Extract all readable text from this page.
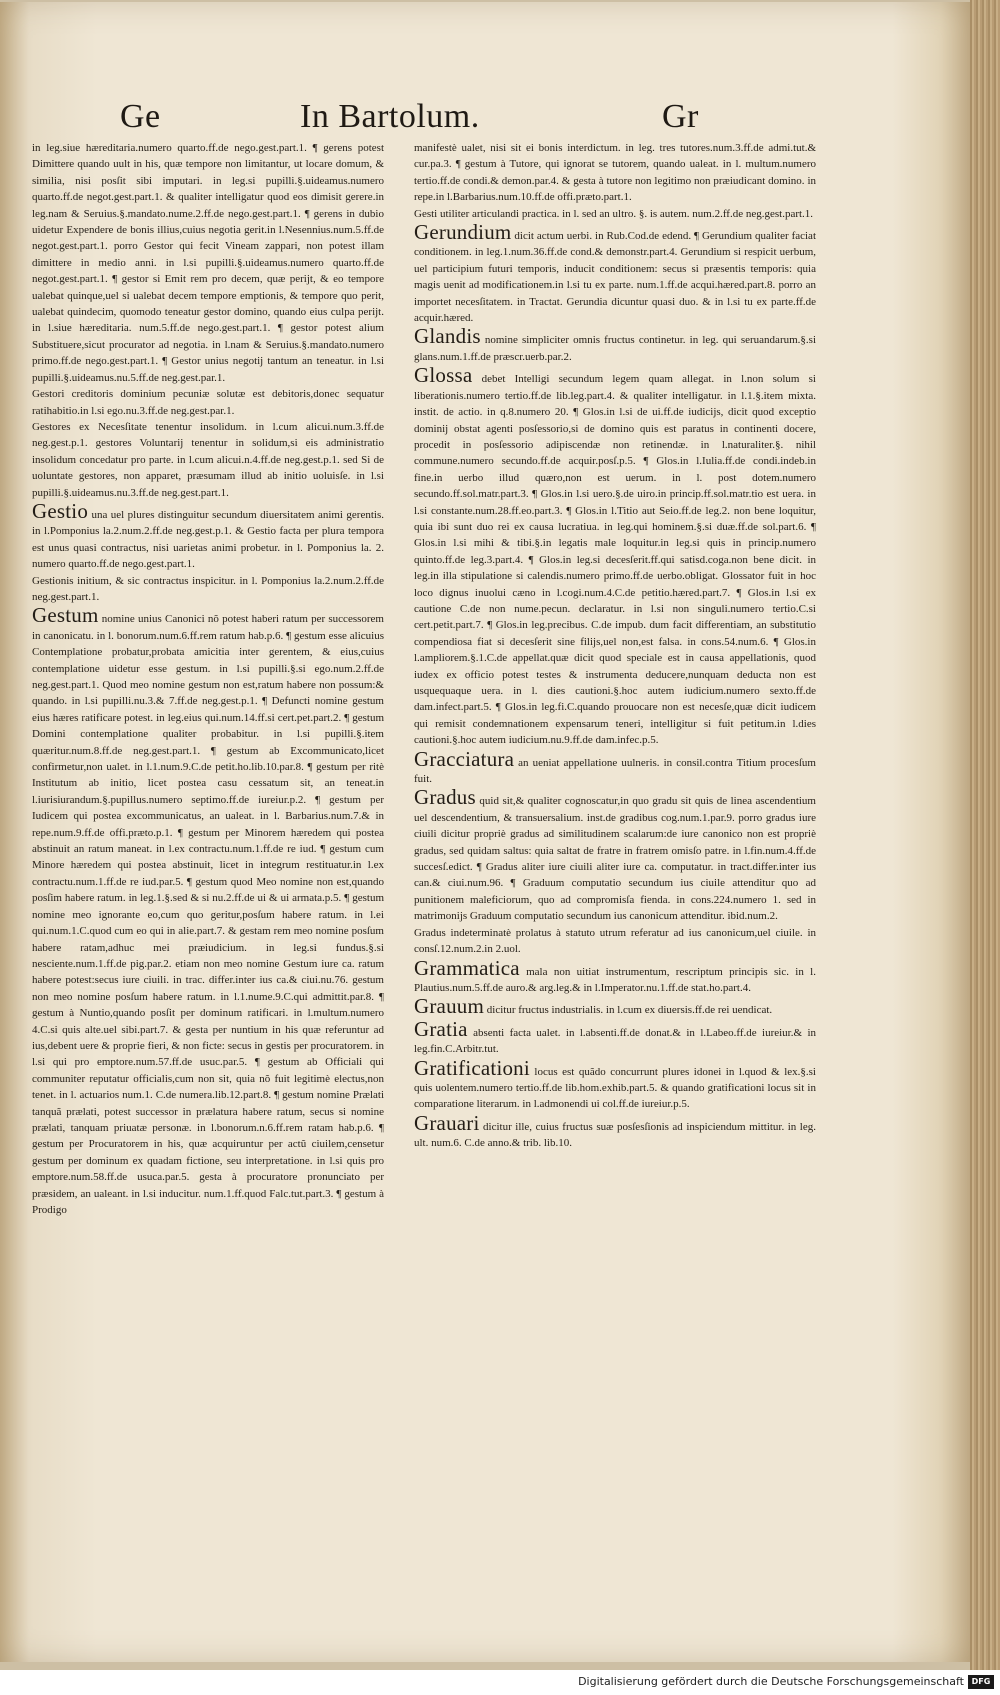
Ge	In Bartolum.	Gr

in leg.siue hæreditaria.numero quarto.ff.de nego.gest.part.1. ¶ gerens potest Dimittere quando uult in his, quæ tempore non limitantur, ut locare domum, & similia, nisi posſit sibi imputari. in leg.si pupilli.§.uideamus.numero quarto.ff.de negot.gest.part.1. & qualiter intelligatur quod eos dimisit gerere.in leg.nam & Seruius.§.mandato.nume.2.ff.de nego.gest.part.1. ¶ gerens in dubio uidetur Expendere de bonis illius,cuius negotia gerit.in l.Nesennius.num.5.ff.de negot.gest.part.1. porro Gestor qui fecit Vineam zappari, non potest illam dimittere in medio anni. in l.si pupilli.§.uideamus.numero quarto.ff.de negot.gest.part.1. ¶ gestor si Emit rem pro decem, quæ perijt, & eo tempore ualebat quinque,uel si ualebat decem tempore emptionis, & tempore quo perit, ualebat quindecim, quomodo teneatur gestor domino, quando eius culpa perijt. in l.siue hæreditaria. num.5.ff.de nego.gest.part.1. ¶ gestor potest alium Substituere,sicut procurator ad negotia. in l.nam & Seruius.§.mandato.numero primo.ff.de nego.gest.part.1. ¶ Gestor unius negotij tantum an teneatur. in l.si pupilli.§.uideamus.nu.5.ff.de neg.gest.par.1.

Gestori creditoris dominium pecuniæ solutæ est debitoris,donec sequatur ratihabitio.in l.si ego.nu.3.ff.de neg.gest.par.1.

Gestores ex Necesſitate tenentur insolidum. in l.cum alicui.num.3.ff.de neg.gest.p.1. gestores Voluntarij tenentur in solidum,si eis administratio insolidum concedatur pro parte. in l.cum alicui.n.4.ff.de neg.gest.p.1. sed Si de uoluntate gestores, non apparet, præsumam illud ab initio uoluisſe. in l.si pupilli.§.uideamus.nu.3.ff.de neg.gest.part.1.

Gestio una uel plures distinguitur secundum diuersitatem animi gerentis. in l.Pomponius la.2.num.2.ff.de neg.gest.p.1. & Gestio facta per plura tempora est unus quasi contractus, nisi uarietas animi probetur. in l. Pomponius la. 2. numero quarto.ff.de nego.gest.part.1.

Gestionis initium, & sic contractus inspicitur. in l. Pomponius la.2.num.2.ff.de neg.gest.part.1.

Gestum nomine unius Canonici nõ potest haberi ratum per successorem in canonicatu. in l. bonorum.num.6.ff.rem ratum hab.p.6. ¶ gestum esse alicuius Contemplatione probatur,probata amicitia inter gerentem, & eius,cuius contemplatione uidetur esse gestum. in l.si pupilli.§.si ego.num.2.ff.de neg.gest.part.1. Quod meo nomine gestum non est,ratum habere non possum:& quando. in l.si pupilli.nu.3.& 7.ff.de neg.gest.p.1. ¶ Defuncti nomine gestum eius hæres ratificare potest. in leg.eius qui.num.14.ff.si cert.pet.part.2. ¶ gestum Domini contemplatione qualiter probabitur. in l.si pupilli.§.item quæritur.num.8.ff.de neg.gest.part.1. ¶ gestum ab Excommunicato,licet confirmetur,non ualet. in l.1.num.9.C.de petit.ho.lib.10.par.8. ¶ gestum per ritè Institutum ab initio, licet postea casu cessatum sit, an teneat.in l.iurisiurandum.§.pupillus.numero septimo.ff.de iureiur.p.2. ¶ gestum per Iudicem qui postea excommunicatus, an ualeat. in l. Barbarius.num.7.& in repe.num.9.ff.de offi.præto.p.1. ¶ gestum per Minorem hæredem qui postea abstinuit an ratum maneat. in l.ex contractu.num.1.ff.de re iud. ¶ gestum cum Minore hæredem qui postea abstinuit, licet in integrum restituatur.in l.ex contractu.num.1.ff.de re iud.par.5. ¶ gestum quod Meo nomine non est,quando posſim habere ratum. in leg.1.§.sed & si nu.2.ff.de ui & ui armata.p.5. ¶ gestum nomine meo ignorante eo,cum quo geritur,posſum habere ratum. in l.ei qui.num.1.C.quod cum eo qui in alie.part.7. & gestam rem meo nomine posſum habere ratam,adhuc mei præiudicium. in leg.si fundus.§.si nesciente.num.1.ff.de pig.par.2. etiam non meo nomine Gestum iure ca. ratum habere potest:secus iure ciuili. in trac. differ.inter ius ca.& ciui.nu.76. gestum non meo nomine posſum habere ratum. in l.1.nume.9.C.qui admittit.par.8. ¶ gestum à Nuntio,quando posſit per dominum ratificari. in l.multum.numero 4.C.si quis alte.uel sibi.part.7. & gesta per nuntium in his quæ referuntur ad ius,debent uere & proprie fieri, & non ficte: secus in gestis per procuratorem. in l.si qui pro emptore.num.57.ff.de usuc.par.5. ¶ gestum ab Officiali qui communiter reputatur officialis,cum non sit, quia nõ fuit legitimè electus,non tenet. in l. actuarios num.1. C.de numera.lib.12.part.8. ¶ gestum nomine Prælati tanquã prælati, potest successor in prælatura habere ratum, secus si nomine prælati, tanquam priuatæ personæ. in l.bonorum.n.6.ff.rem ratam hab.p.6. ¶ gestum per Procuratorem in his, quæ acquiruntur per actũ ciuilem,censetur gestum per dominum ex quadam fictione, seu interpretatione. in l.si quis pro emptore.num.58.ff.de usuca.par.5. gesta à procuratore pronunciato per præsidem, an ualeant. in l.si inducitur. num.1.ff.quod Falc.tut.part.3. ¶ gestum à Prodigo

manifestè ualet, nisi sit ei bonis interdictum. in leg. tres tutores.num.3.ff.de admi.tut.& cur.pa.3. ¶ gestum à Tutore, qui ignorat se tutorem, quando ualeat. in l. multum.numero tertio.ff.de condi.& demon.par.4. & gesta à tutore non legitimo non præiudicant domino. in repe.in l.Barbarius.num.10.ff.de offi.præto.part.1.

Gesti utiliter articulandi practica. in l. sed an ultro. §. is autem. num.2.ff.de neg.gest.part.1.

Gerundium dicit actum uerbi. in Rub.Cod.de edend. ¶ Gerundium qualiter faciat conditionem. in leg.1.num.36.ff.de cond.& demonstr.part.4. Gerundium si respicit uerbum, uel participium futuri temporis, inducit conditionem: secus si præsentis temporis: quia magis uenit ad modificationem.in l.si tu ex parte. num.1.ff.de acqui.hæred.part.8. porro an importet necesſitatem. in Tractat. Gerundia dicuntur quasi duo. & in l.si tu ex parte.ff.de acquir.hæred.

Glandis nomine simpliciter omnis fructus continetur. in leg. qui seruandarum.§.si glans.num.1.ff.de præscr.uerb.par.2.

Glossa debet Intelligi secundum legem quam allegat. in l.non solum si liberationis.numero tertio.ff.de lib.leg.part.4. & qualiter intelligatur. in l.1.§.item mixta. instit. de actio. in q.8.numero 20. ¶ Glos.in l.si de ui.ff.de iudicijs, dicit quod exceptio dominij obstat agenti posſessorio,si de domino quis est paratus in continenti docere, procedit in posſessorio adipiscendæ non retinendæ. in l.naturaliter.§. nihil commune.numero secundo.ff.de acquir.posſ.p.5. ¶ Glos.in l.Iulia.ff.de condi.indeb.in fine.in uerbo illud quæro,non est uerum. in l. post dotem.numero secundo.ff.sol.matr.part.3. ¶ Glos.in l.si uero.§.de uiro.in princip.ff.sol.matr.tio est uera. in l.si constante.num.28.ff.eo.part.3. ¶ Glos.in l.Titio aut Seio.ff.de leg.2. non bene loquitur, quia ibi sunt duo rei ex causa lucratiua. in leg.qui hominem.§.si duæ.ff.de sol.part.6. ¶ Glos.in l.si mihi & tibi.§.in legatis male loquitur.in leg.si quis in princip.numero quinto.ff.de leg.3.part.4. ¶ Glos.in leg.si decesſerit.ff.qui satisd.coga.non bene dicit. in leg.in illa stipulatione si calendis.numero primo.ff.de uerbo.obligat. Glossator fuit in hoc loco dignus inuolui cæno in l.cogi.num.4.C.de petitio.hæred.part.7. ¶ Glos.in l.si ex cautione C.de non nume.pecun. declaratur. in l.si non singuli.numero tertio.C.si cert.petit.part.7. ¶ Glos.in leg.precibus. C.de impub. dum facit differentiam, an substitutio compendiosa fiat si decesſerit sine filijs,uel non,est falsa. in cons.54.num.6. ¶ Glos.in l.ampliorem.§.1.C.de appellat.quæ dicit quod speciale est in causa appellationis, quod iudex ex officio potest testes & instrumenta deducere,nunquam deducta non est usquequaque uera. in l. dies cautioni.§.hoc autem iudicium.numero sexto.ff.de dam.infect.part.5. ¶ Glos.in leg.fi.C.quando prouocare non est necesſe,quæ dicit iudicem qui remisit condemnationem expensarum teneri, intelligitur si fuit petitum.in l.dies cautioni.§.hoc autem iudicium.nu.9.ff.de dam.infec.p.5.

Gracciatura an ueniat appellatione uulneris. in consil.contra Titium procesſum fuit.

Gradus quid sit,& qualiter cognoscatur,in quo gradu sit quis de linea ascendentium uel descendentium, & transuersalium. inst.de gradibus cog.num.1.par.9. porro gradus iure ciuili dicitur propriè gradus ad similitudinem scalarum:de iure canonico non est propriè gradus, sed quidam saltus: quia saltat de fratre in fratrem omisſo patre. in l.fin.num.4.ff.de succesſ.edict. ¶ Gradus aliter iure ciuili aliter iure ca. computatur. in tract.differ.inter ius can.& ciui.num.96. ¶ Graduum computatio secundum ius ciuile attenditur quo ad punitionem maleficiorum, quo ad compromisſa fienda. in cons.224.numero 1. sed in matrimonijs Graduum computatio secundum ius canonicum attenditur. ibid.num.2.

Gradus indeterminatè prolatus à statuto utrum referatur ad ius canonicum,uel ciuile. in consſ.12.num.2.in 2.uol.

Grammatica mala non uitiat instrumentum, rescriptum principis sic. in l. Plautius.num.5.ff.de auro.& arg.leg.& in l.Imperator.nu.1.ff.de stat.ho.part.4.

Grauum dicitur fructus industrialis. in l.cum ex diuersis.ff.de rei uendicat.

Gratia absenti facta ualet. in l.absenti.ff.de donat.& in l.Labeo.ff.de iureiur.& in leg.fin.C.Arbitr.tut.

Gratificationi locus est quãdo concurrunt plures idonei in l.quod & lex.§.si quis uolentem.numero tertio.ff.de lib.hom.exhib.part.5. & quando gratificationi locus sit in comparatione literarum. in l.admonendi ui col.ff.de iureiur.p.5.

Grauari dicitur ille, cuius fructus suæ posſesſionis ad inspiciendum mittitur. in leg. ult. num.6. C.de anno.& trib. lib.10.

Digitalisierung gefördert durch die Deutsche Forschungsgemeinschaft DFG
